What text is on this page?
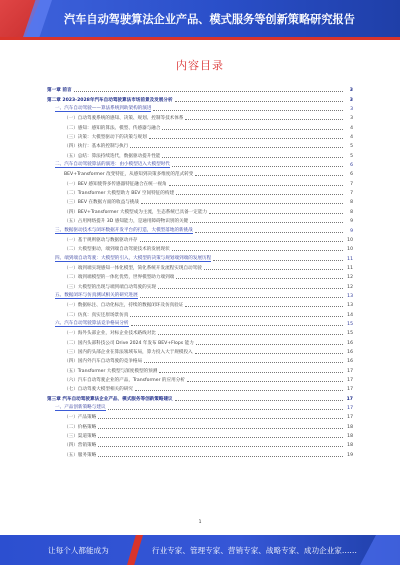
汽车自动驾驶算法企业产品、模式服务等创新策略研究报告
内容目录
第一章 前言	3
第二章 2023-2028年汽车自动驾驶算法市场前景及发展分析	3
一、汽车自动驾驶——算法系统到助架构的演进	3
（一）自动驾驶系统的感知、决策、规划、控制等技术体系	3
（二）感知：感知的算法、模型、传感器与融合	4
（三）决策：大模型驱动下的决策与规划	4
（四）执行：基本的控制与执行	5
（五）总结：算法持续迭代，数据驱动提升性能	5
二、汽车自动驾驶算法的演进：由小模型迈入大模型时代	6
BEV+Transformer 改变特征，从感知到决策多维度的范式转变	6
（一）BEV 感知使得多传感器特征融合在统一视角	7
（二）Transformer 大模型助力 BEV 空间特征的构建	7
（三）BEV 在数据方面的收益与挑战	8
（四）BEV+Transformer 大模型成为主流，生态系统已具备一定能力	8
（五）占用网络提升 3D 感知能力，是通用障碍物识别的关键	9
三、数据驱动技术与闭环数据开发平台的打造，大模型落地的新挑战	9
（一）基于规则驱动与数据驱动并存	10
（二）大模型驱动，端到端自动驾驶技术的发展现状	10
四、端到端自动驾驶：大模型的引入，大模型的决策与规划端到端的发展历程	11
（一）端到端实现感知一体化模型，简化系统开发流程实现自动驾驶	11
（二）端到端模型的一体化优势，世界模型助力端到端	12
（三）大模型的出现与端到端自动驾驶的实现	12
五、数据闭环与仿真测试相关的研究进展	13
（一）数据标注、自动化标注，持续的数据闭环及仿真验证	13
（二）仿真：真实还原场景仿真	14
六、汽车自动驾驶算法竞争格局分析	15
（一）海外头部企业，对标企业技术路线对比	15
（二）国内头部科技公司 Drive 2024 年发布 BEV+Flops 能力	16
（三）国内的头部企业在算法领域布局，算力投入大于规模投入	16
（四）国内外汽车自动驾驶的竞争格局	16
（五）Transformer 大模型与深度模型的预测	17
（六）汽车自动驾驶企业的产品，Transformer 的应用分析	17
（七）自动驾驶大模型相关的研究	17
第三章 汽车自动驾驶算法企业产品、模式服务等创新策略建议	17
一、产品创新策略与建议	17
（一）产品策略	17
（二）价格策略	18
（三）渠道策略	18
（四）营销策略	18
（五）服务策略	19
1
让每个人都能成为	行业专家、管理专家、营销专家、战略专家、成功企业家……
